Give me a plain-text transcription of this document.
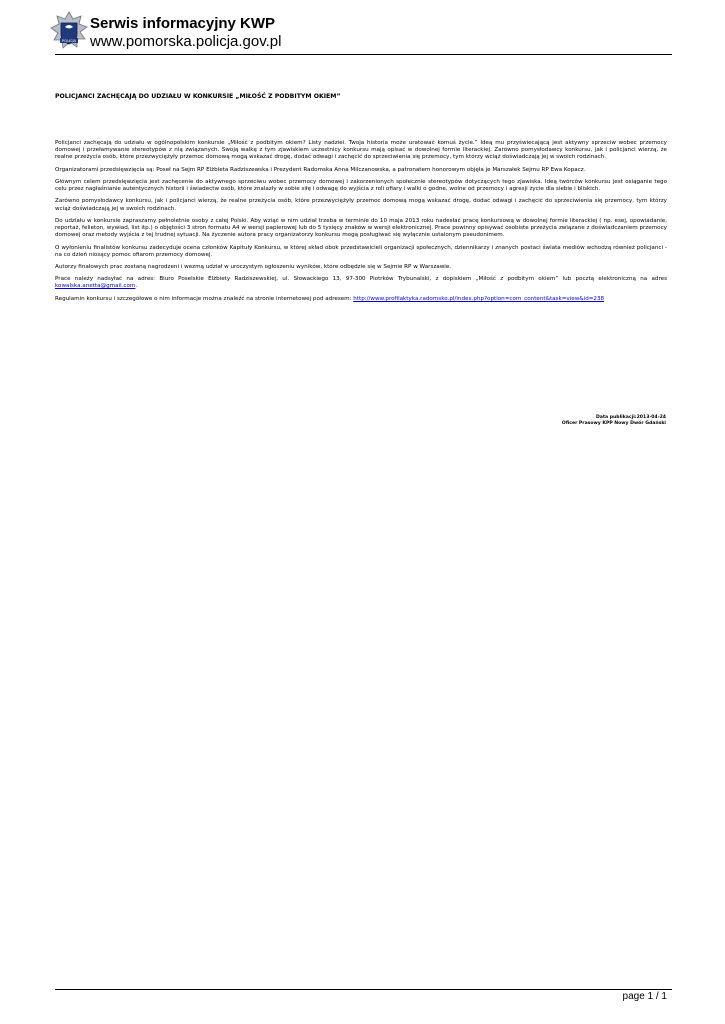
POLICJA
Serwis informacyjny KWP
www.pomorska.policja.gov.pl
POLICJANCI ZACHĘCAJĄ DO UDZIAŁU W KONKURSIE „MIŁOŚĆ Z PODBITYM OKIEM”

Policjanci zachęcają do udziału w ogólnopolskim konkursie „Miłość z podbitym okiem? Listy nadziei. Twoja historia może uratować komuś życie.” Ideą mu przyświecającą jest aktywny sprzeciw wobec przemocy domowej i przełamywanie stereotypów z nią związanych. Swoją walkę z tym zjawiskiem uczestnicy konkursu mają opisać w dowolnej formie literackiej. Zarówno pomysłodawcy konkursu, jak i policjanci wierzą, że realne przeżycia osób, które przezwyciężyły przemoc domową mogą wskazać drogę, dodać odwagi i zachęcić do sprzeciwienia się przemocy, tym którzy wciąż doświadczają jej w swoich rodzinach.

Organizatorami przedsięwzięcia są: Poseł na Sejm RP Elżbieta Radziszewska i Prezydent Radomska Anna Milczanowska, a patronatem honorowym objęła je Marszałek Sejmu RP Ewa Kopacz.

Głównym celem przedsięwzięcia jest zachęcenie do aktywnego sprzeciwu wobec przemocy domowej i zakorzenionych społecznie stereotypów dotyczących tego zjawiska. Ideą twórców konkursu jest osiąganie tego celu przez nagłaśnianie autentycznych historii i świadectw osób, które znalazły w sobie siłę i odwagę do wyjścia z roli ofiary i walki o godne, wolne od przemocy i agresji życie dla siebie i bliskich.

Zarówno pomysłodawcy konkursu, jak i policjanci wierzą, że realne przeżycia osób, które przezwyciężyły przemoc domową mogą wskazać drogę, dodać odwagi i zachęcić do sprzeciwienia się przemocy, tym którzy wciąż doświadczają jej w swoich rodzinach.

Do udziału w konkursie zapraszamy pełnoletnie osoby z całej Polski. Aby wziąć w nim udział trzeba w terminie do 10 maja 2013 roku nadesłać pracę konkursową w dowolnej formie literackiej ( np. esej, opowiadanie, reportaż, felieton, wywiad, list itp.) o objętości 3 stron formatu A4 w wersji papierowej lub do 5 tysięcy znaków w wersji elektronicznej. Prace powinny opisywać osobiste przeżycia związane z doświadczaniem przemocy domowej oraz metody wyjścia z tej trudnej sytuacji. Na życzenie autora pracy organizatorzy konkursu mogą posługiwać się wyłącznie ustalonym pseudonimem.

O wyłonieniu finalistów konkursu zadecyduje ocena członków Kapituły Konkursu, w której skład obok przedstawicieli organizacji społecznych, dziennikarzy i znanych postaci świata mediów wchodzą również policjanci - na co dzień niosący pomoc ofiarom przemocy domowej.

Autorzy finałowych prac zostaną nagrodzeni i wezmą udział w uroczystym ogłoszeniu wyników, które odbędzie się w Sejmie RP w Warszawie.

Prace należy nadsyłać na adres: Biuro Poselskie Elżbiety Radziszewskiej, ul. Słowackiego 13, 97-300 Piotrków Trybunalski, z dopiskiem „Miłość z podbitym okiem” lub pocztą elektroniczną na adres kowalska.anetta@gmail.com.

Regulamin konkursu i szczegółowe o nim informacje można znaleźć na stronie internetowej pod adresem: http://www.profilaktyka.radomsko.pl/index.php?option=com_content&task=view&id=238

Data publikacji:2013-04-24
Oficer Prasowy KPP Nowy Dwór Gdański
page 1 / 1
